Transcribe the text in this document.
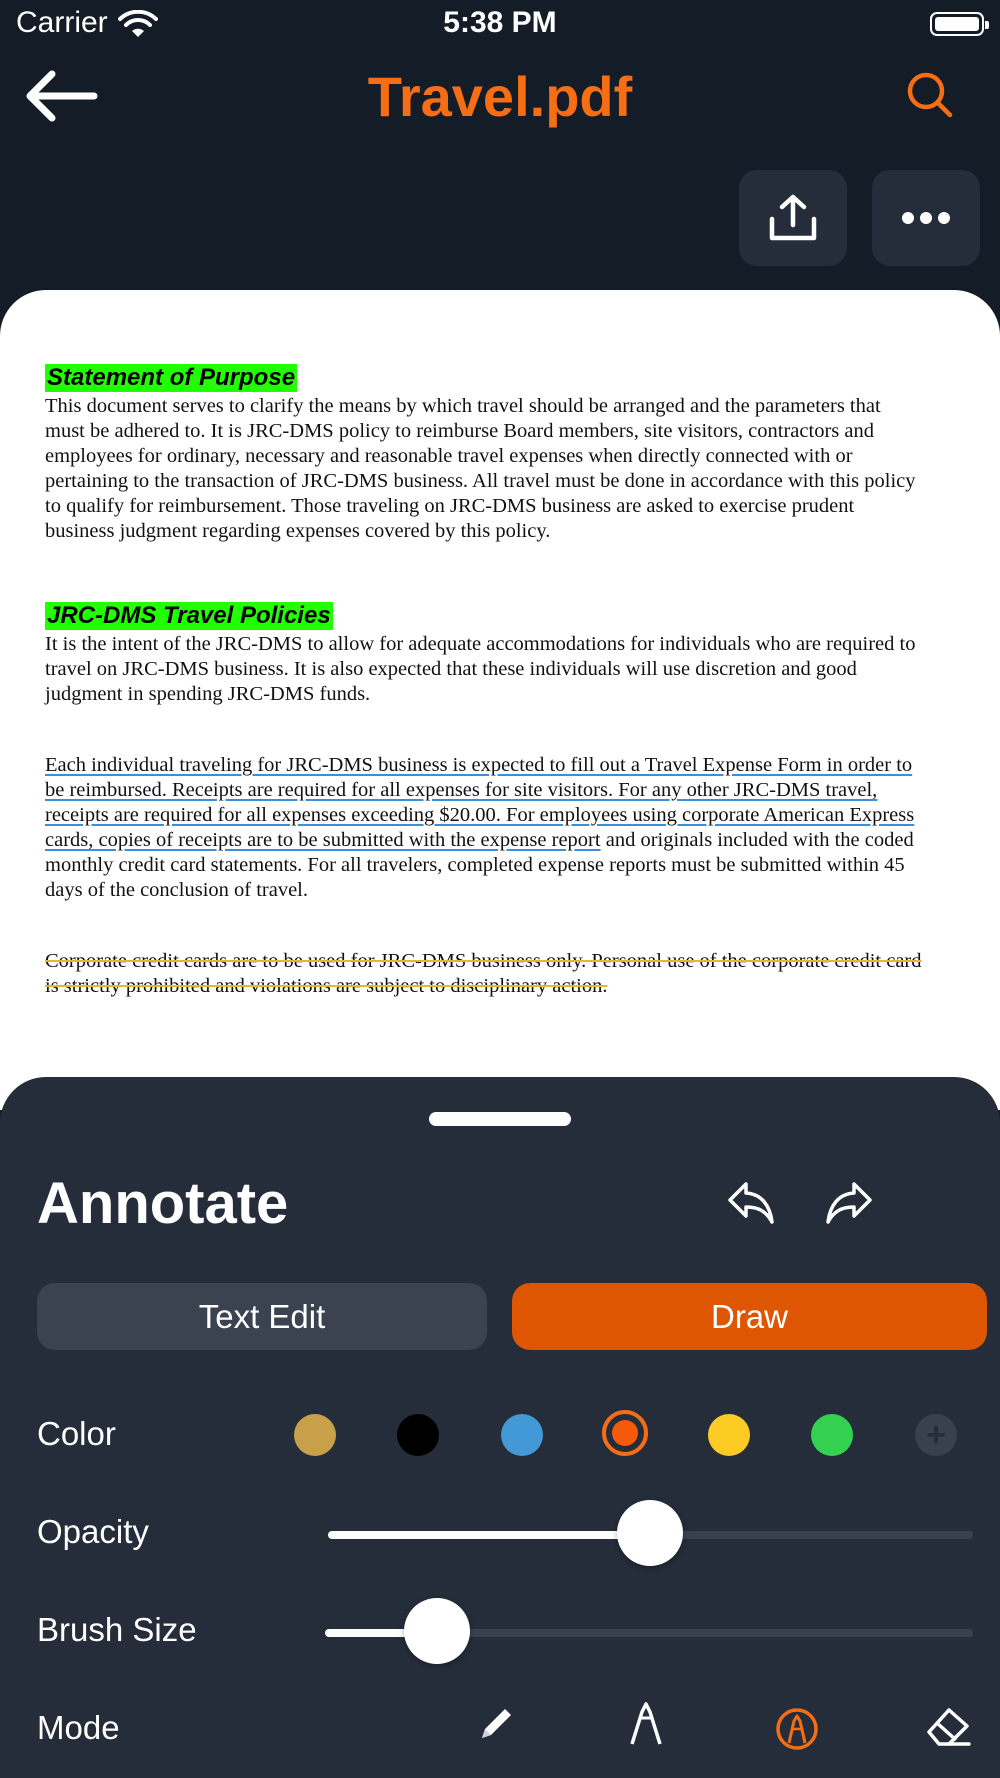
Carrier	5:38 PM
Travel.pdf
Statement of Purpose

This document serves to clarify the means by which travel should be arranged and the parameters that must be adhered to. It is JRC-DMS policy to reimburse Board members, site visitors, contractors and employees for ordinary, necessary and reasonable travel expenses when directly connected with or pertaining to the transaction of JRC-DMS business. All travel must be done in accordance with this policy to qualify for reimbursement. Those traveling on JRC-DMS business are asked to exercise prudent business judgment regarding expenses covered by this policy.

JRC-DMS Travel Policies

It is the intent of the JRC-DMS to allow for adequate accommodations for individuals who are required to travel on JRC-DMS business. It is also expected that these individuals will use discretion and good judgment in spending JRC-DMS funds.

Each individual traveling for JRC-DMS business is expected to fill out a Travel Expense Form in order to be reimbursed. Receipts are required for all expenses for site visitors. For any other JRC-DMS travel, receipts are required for all expenses exceeding $20.00. For employees using corporate American Express cards, copies of receipts are to be submitted with the expense report and originals included with the coded monthly credit card statements. For all travelers, completed expense reports must be submitted within 45 days of the conclusion of travel.

Corporate credit cards are to be used for JRC-DMS business only. Personal use of the corporate credit card is strictly prohibited and violations are subject to disciplinary action.

Annotate
Text Edit	Draw
Color	+
Opacity
Brush Size
Mode
